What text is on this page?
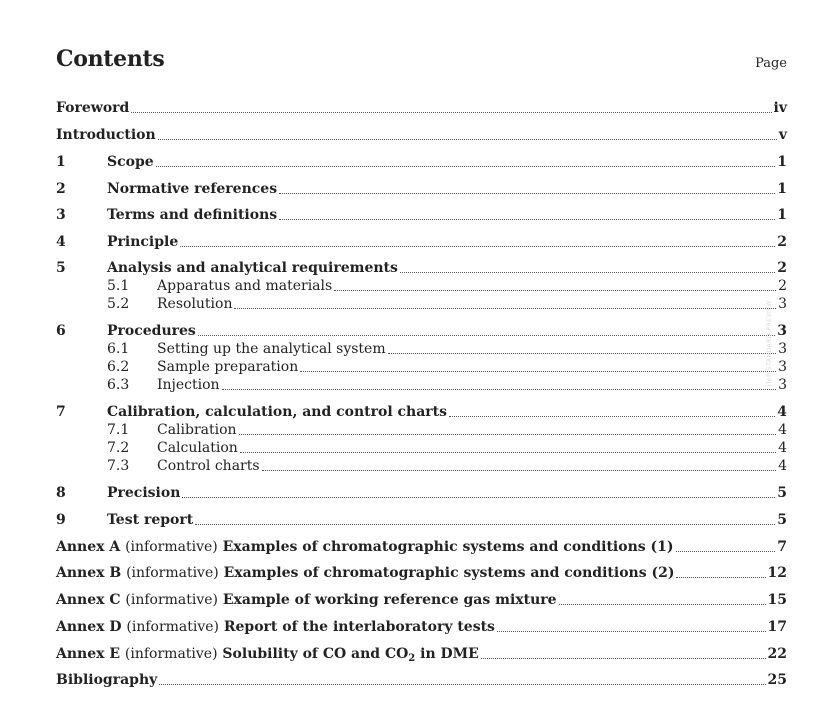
Contents	Page
Foreword	iv
Introduction	v
1	Scope	1
2	Normative references	1
3	Terms and definitions	1
4	Principle	2
5	Analysis and analytical requirements	2
5.1	Apparatus and materials	2
5.2	Resolution	3
6	Procedures	3
6.1	Setting up the analytical system	3
6.2	Sample preparation	3
6.3	Injection	3
7	Calibration, calculation, and control charts	4
7.1	Calibration	4
7.2	Calculation	4
7.3	Control charts	4
8	Precision	5
9	Test report	5
Annex A (informative) Examples of chromatographic systems and conditions (1)	7
Annex B (informative) Examples of chromatographic systems and conditions (2)	12
Annex C (informative) Example of working reference gas mixture	15
Annex D (informative) Report of the interlaboratory tests	17
Annex E (informative) Solubility of CO and $CO_2$ in DME	22
Bibliography	25
iTeh STANDARD PREVIEW
